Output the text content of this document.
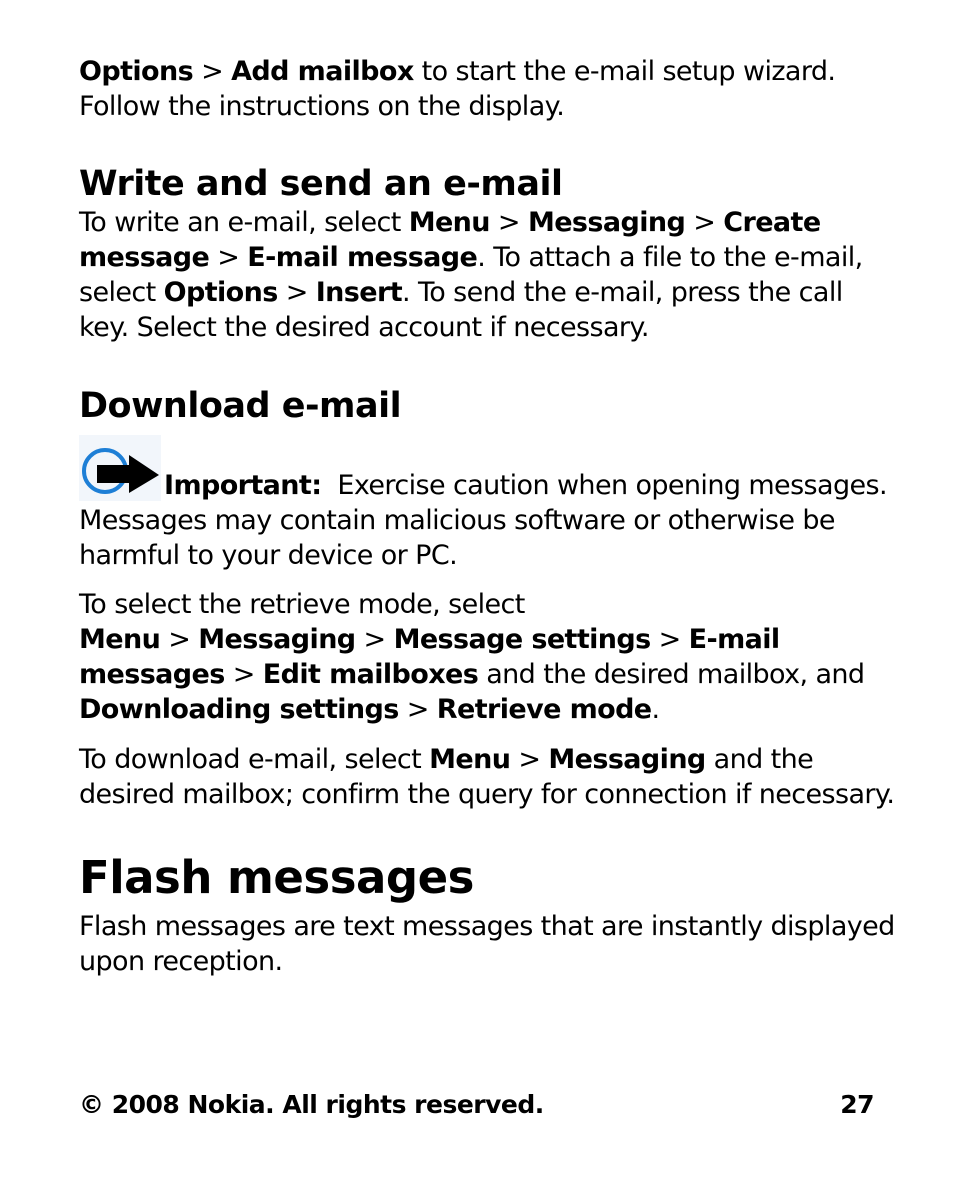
Options > Add mailbox to start the e-mail setup wizard. Follow the instructions on the display.

Write and send an e-mail

To write an e-mail, select Menu > Messaging > Create message > E-mail message. To attach a file to the e-mail, select Options > Insert. To send the e-mail, press the call key. Select the desired account if necessary.

Download e-mail

Important: Exercise caution when opening messages. Messages may contain malicious software or otherwise be harmful to your device or PC.

To select the retrieve mode, select Menu > Messaging > Message settings > E-mail messages > Edit mailboxes and the desired mailbox, and Downloading settings > Retrieve mode.

To download e-mail, select Menu > Messaging and the desired mailbox; confirm the query for connection if necessary.

Flash messages

Flash messages are text messages that are instantly displayed upon reception.

© 2008 Nokia. All rights reserved.	27
